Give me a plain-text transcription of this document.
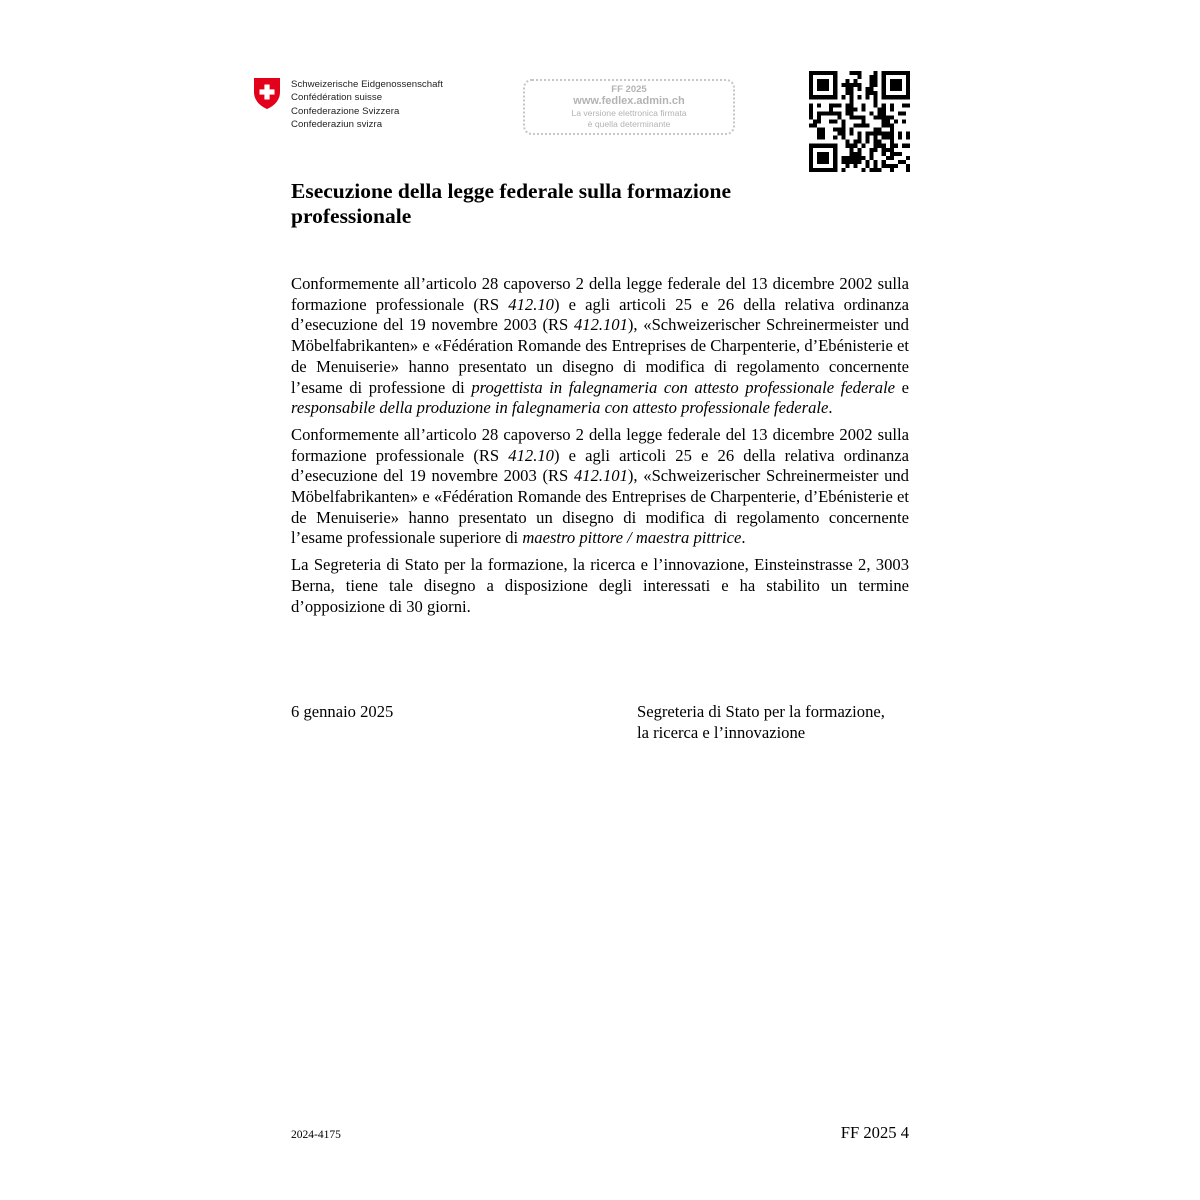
Schweizerische Eidgenossenschaft
Confédération suisse
Confederazione Svizzera
Confederaziun svizra
FF 2025
www.fedlex.admin.ch
La versione elettronica firmata
è quella determinante
Esecuzione della legge federale sulla formazione
professionale

Conformemente all’articolo 28 capoverso 2 della legge federale del 13 dicembre 2002 sulla formazione professionale (RS 412.10) e agli articoli 25 e 26 della relativa ordinanza d’esecuzione del 19 novembre 2003 (RS 412.101), «Schweizerischer Schreinermeister und Möbelfabrikanten» e «Fédération Romande des Entreprises de Charpenterie, d’Ebénisterie et de Menuiserie» hanno presentato un disegno di modifica di regolamento concernente l’esame di professione di progettista in falegnameria con attesto professionale federale e responsabile della produzione in falegnameria con attesto professionale federale.

Conformemente all’articolo 28 capoverso 2 della legge federale del 13 dicembre 2002 sulla formazione professionale (RS 412.10) e agli articoli 25 e 26 della relativa ordinanza d’esecuzione del 19 novembre 2003 (RS 412.101), «Schweizerischer Schreinermeister und Möbelfabrikanten» e «Fédération Romande des Entreprises de Charpenterie, d’Ebénisterie et de Menuiserie» hanno presentato un disegno di modifica di regolamento concernente l’esame professionale superiore di maestro pittore / maestra pittrice.

La Segreteria di Stato per la formazione, la ricerca e l’innovazione, Einsteinstrasse 2, 3003 Berna, tiene tale disegno a disposizione degli interessati e ha stabilito un termine d’opposizione di 30 giorni.

6 gennaio 2025	Segreteria di Stato per la formazione,
la ricerca e l’innovazione
2024-4175	FF 2025 4
